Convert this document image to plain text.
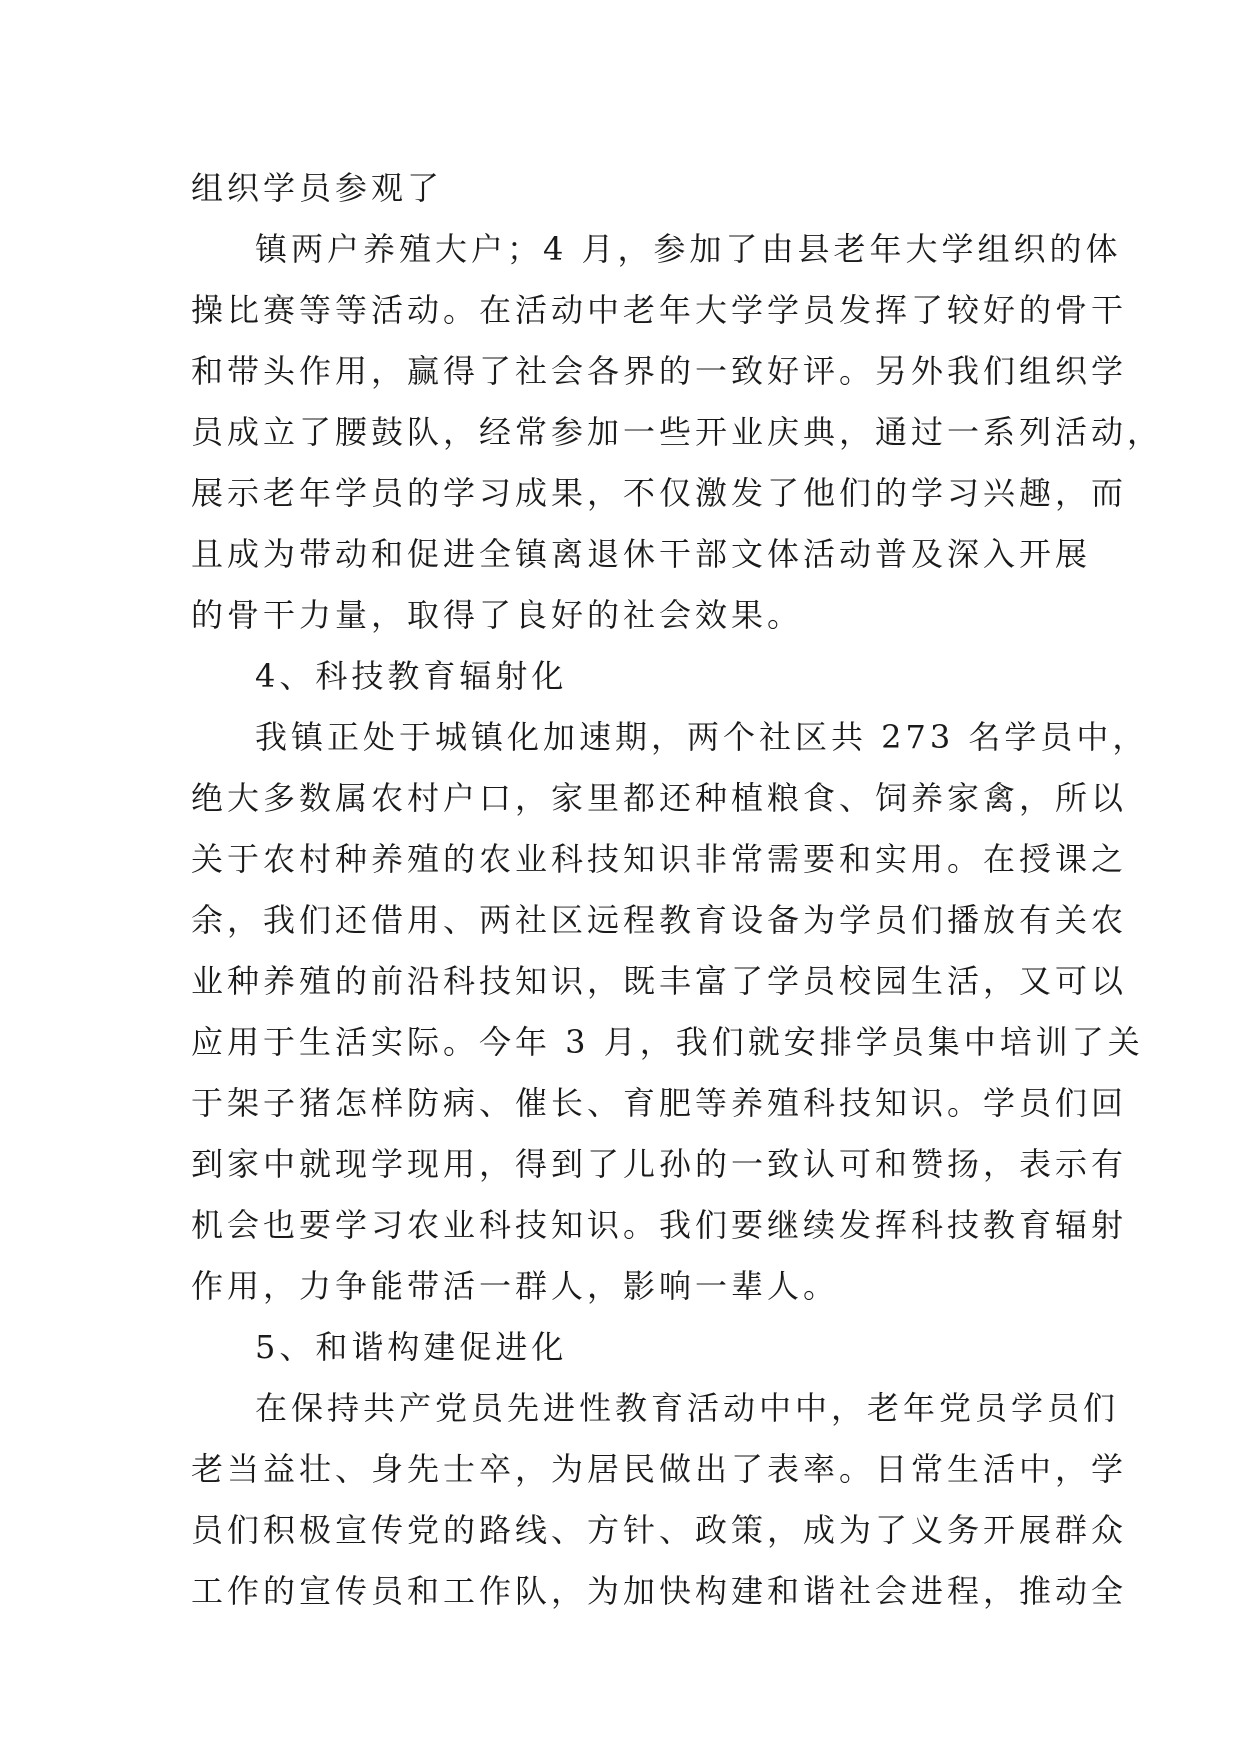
组织学员参观了
镇两户养殖大户；4 月，参加了由县老年大学组织的体
操比赛等等活动。在活动中老年大学学员发挥了较好的骨干
和带头作用，赢得了社会各界的一致好评。另外我们组织学
员成立了腰鼓队，经常参加一些开业庆典，通过一系列活动，
展示老年学员的学习成果，不仅激发了他们的学习兴趣，而
且成为带动和促进全镇离退休干部文体活动普及深入开展
的骨干力量，取得了良好的社会效果。
4、科技教育辐射化
我镇正处于城镇化加速期，两个社区共 273 名学员中，
绝大多数属农村户口，家里都还种植粮食、饲养家禽，所以
关于农村种养殖的农业科技知识非常需要和实用。在授课之
余，我们还借用、两社区远程教育设备为学员们播放有关农
业种养殖的前沿科技知识，既丰富了学员校园生活，又可以
应用于生活实际。今年 3 月，我们就安排学员集中培训了关
于架子猪怎样防病、催长、育肥等养殖科技知识。学员们回
到家中就现学现用，得到了儿孙的一致认可和赞扬，表示有
机会也要学习农业科技知识。我们要继续发挥科技教育辐射
作用，力争能带活一群人，影响一辈人。
5、和谐构建促进化
在保持共产党员先进性教育活动中中，老年党员学员们
老当益壮、身先士卒，为居民做出了表率。日常生活中，学
员们积极宣传党的路线、方针、政策，成为了义务开展群众
工作的宣传员和工作队，为加快构建和谐社会进程，推动全
